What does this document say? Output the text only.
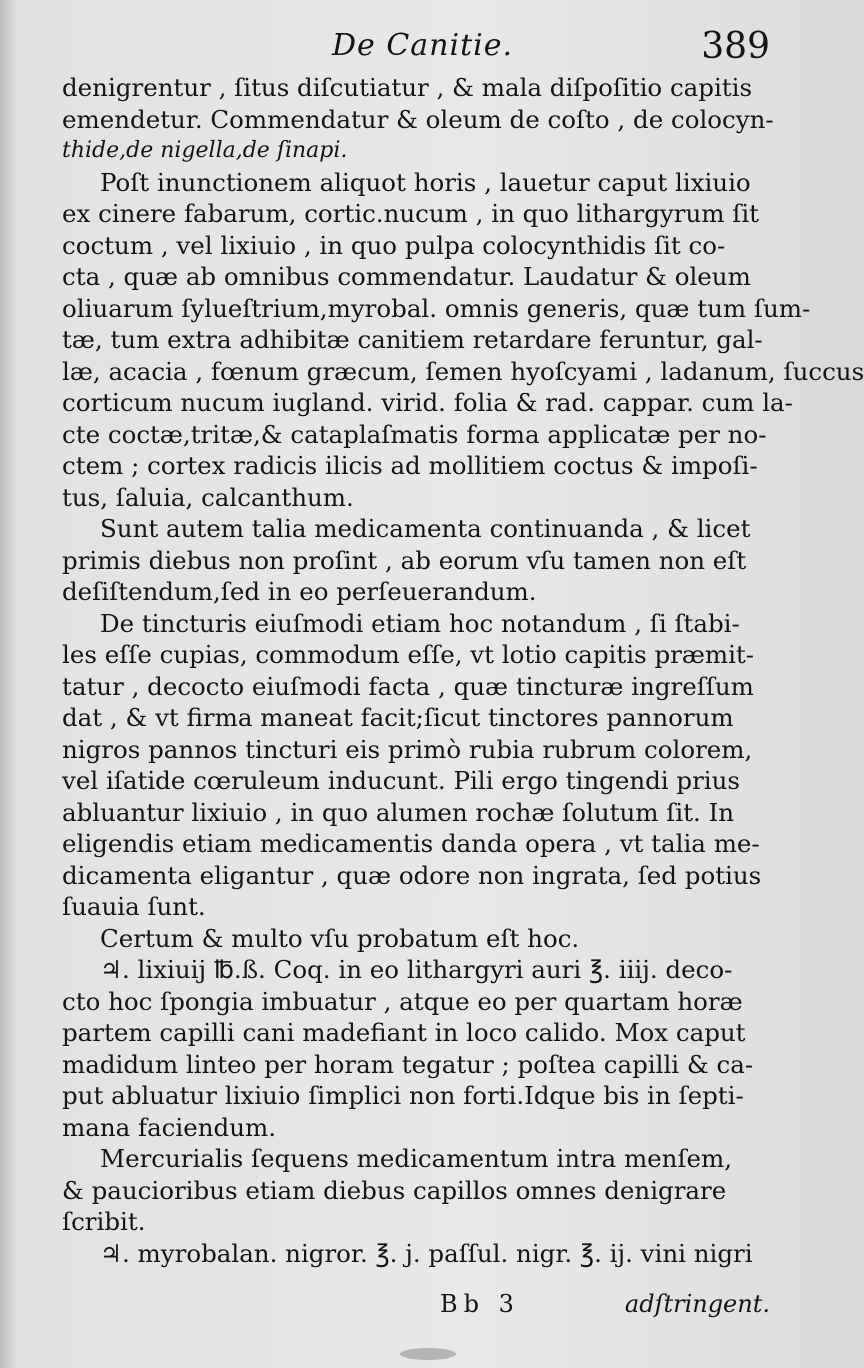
De Canitie.	389
denigrentur , ſitus diſcutiatur , & mala diſpoſitio capitis
emendetur. Commendatur & oleum de coſto , de colocyn-
thide,de nigella,de ſinapi.
Poſt inunctionem aliquot horis , lauetur caput lixiuio
ex cinere fabarum, cortic.nucum , in quo lithargyrum ſit
coctum , vel lixiuio , in quo pulpa colocynthidis ſit co-
cta , quæ ab omnibus commendatur. Laudatur & oleum
oliuarum ſylueſtrium,myrobal. omnis generis, quæ tum ſum-
tæ, tum extra adhibitæ canitiem retardare feruntur, gal-
læ, acacia , fœnum græcum, ſemen hyoſcyami , ladanum, ſuccus
corticum nucum iugland. virid. folia & rad. cappar. cum la-
cte coctæ,tritæ,& cataplaſmatis forma applicatæ per no-
ctem ; cortex radicis ilicis ad mollitiem coctus & impoſi-
tus, ſaluia, calcanthum.
Sunt autem talia medicamenta continuanda , & licet
primis diebus non proſint , ab eorum vſu tamen non eſt
deſiſtendum,ſed in eo perſeuerandum.
De tincturis eiuſmodi etiam hoc notandum , ſi ſtabi-
les eſſe cupias, commodum eſſe, vt lotio capitis præmit-
tatur , decocto eiuſmodi facta , quæ tincturæ ingreſſum
dat , & vt firma maneat facit;ſicut tinctores pannorum
nigros pannos tincturi eis primò rubia rubrum colorem,
vel iſatide cœruleum inducunt. Pili ergo tingendi prius
abluantur lixiuio , in quo alumen rochæ ſolutum ſit. In
eligendis etiam medicamentis danda opera , vt talia me-
dicamenta eligantur , quæ odore non ingrata, ſed potius
ſuauia ſunt.
Certum & multo vſu probatum eſt hoc.
♃. lixiuij ℔.ß. Coq. in eo lithargyri auri ℥. iiij. deco-
cto hoc ſpongia imbuatur , atque eo per quartam horæ
partem capilli cani madefiant in loco calido. Mox caput
madidum linteo per horam tegatur ; poſtea capilli & ca-
put abluatur lixiuio ſimplici non forti.Idque bis in ſepti-
mana faciendum.
Mercurialis ſequens medicamentum intra menſem,
& paucioribus etiam diebus capillos omnes denigrare
ſcribit.
♃. myrobalan. nigror. ℥. j. paſſul. nigr. ℥. ij. vini nigri
Bb 3	adſtringent.
